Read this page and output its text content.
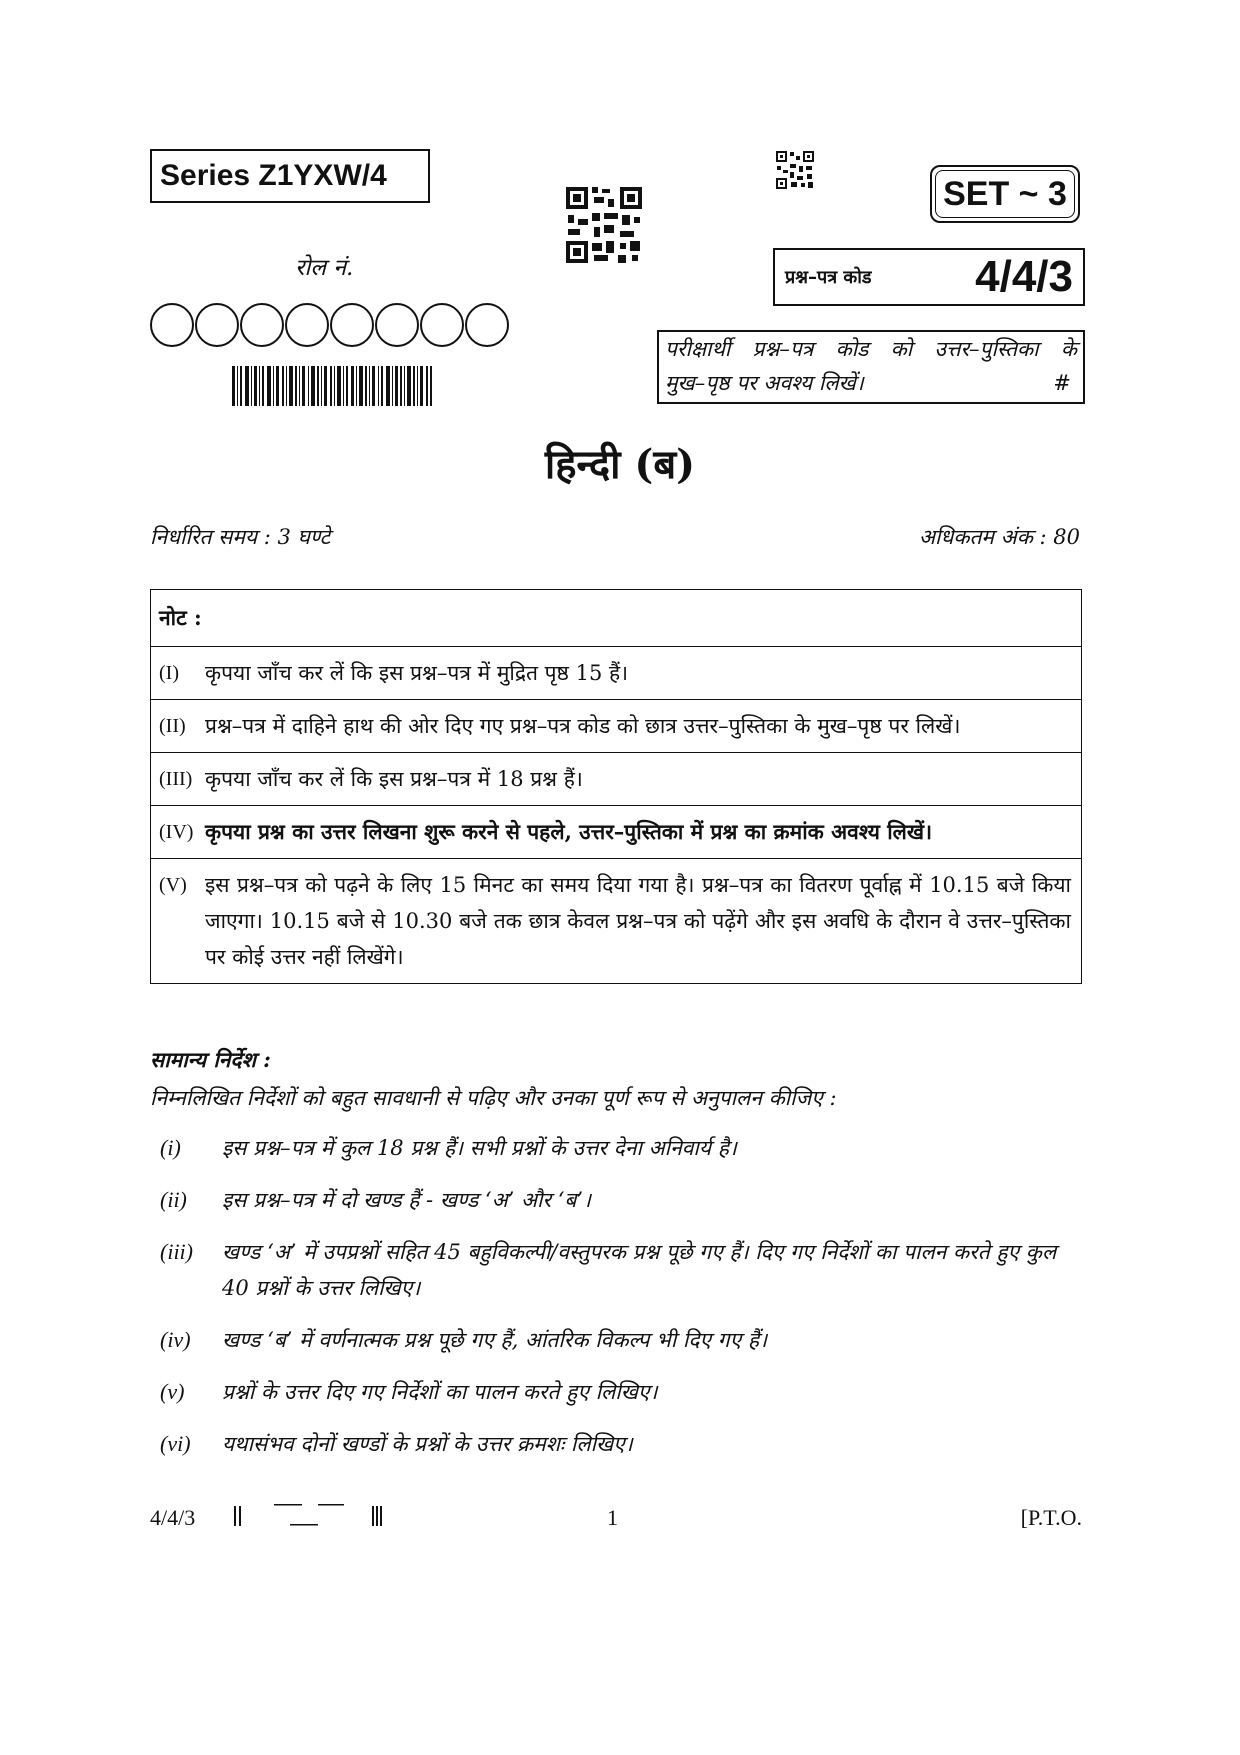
Series Z1YXW/4	SET ~ 3
प्रश्न–पत्र कोड 4/4/3
परीक्षार्थी प्रश्न–पत्र कोड को उत्तर–पुस्तिका के
मुख–पृष्ठ पर अवश्य लिखें।	#
रोल नं.
हिन्दी (ब)
निर्धारित समय : 3 घण्टे	अधिकतम अंक : 80
नोट :
(I)	कृपया जाँच कर लें कि इस प्रश्न–पत्र में मुद्रित पृष्ठ 15 हैं।
(II) प्रश्न–पत्र में दाहिने हाथ की ओर दिए गए प्रश्न–पत्र कोड को छात्र उत्तर–पुस्तिका के मुख–पृष्ठ पर लिखें।
(III) कृपया जाँच कर लें कि इस प्रश्न–पत्र में 18 प्रश्न हैं।
(IV) कृपया प्रश्न का उत्तर लिखना शुरू करने से पहले, उत्तर–पुस्तिका में प्रश्न का क्रमांक अवश्य लिखें।
(V) इस प्रश्न–पत्र को पढ़ने के लिए 15 मिनट का समय दिया गया है। प्रश्न–पत्र का वितरण पूर्वाह्न में 10.15 बजे किया जाएगा। 10.15 बजे से 10.30 बजे तक छात्र केवल प्रश्न–पत्र को पढ़ेंगे और इस अवधि के दौरान वे उत्तर–पुस्तिका पर कोई उत्तर नहीं लिखेंगे।
सामान्य निर्देश :
निम्नलिखित निर्देशों को बहुत सावधानी से पढ़िए और उनका पूर्ण रूप से अनुपालन कीजिए :
(i)	इस प्रश्न–पत्र में कुल 18 प्रश्न हैं। सभी प्रश्नों के उत्तर देना अनिवार्य है।
(ii)	इस प्रश्न–पत्र में दो खण्ड हैं - खण्ड ‘अ’ और ‘ब’।
(iii)	खण्ड ‘अ’ में उपप्रश्नों सहित 45 बहुविकल्पी/वस्तुपरक प्रश्न पूछे गए हैं। दिए गए निर्देशों का पालन करते हुए कुल 40 प्रश्नों के उत्तर लिखिए।
(iv)	खण्ड ‘ब’ में वर्णनात्मक प्रश्न पूछे गए हैं, आंतरिक विकल्प भी दिए गए हैं।
(v)	प्रश्नों के उत्तर दिए गए निर्देशों का पालन करते हुए लिखिए।
(vi)	यथासंभव दोनों खण्डों के प्रश्नों के उत्तर क्रमशः लिखिए।
4/4/3	1	[P.T.O.
